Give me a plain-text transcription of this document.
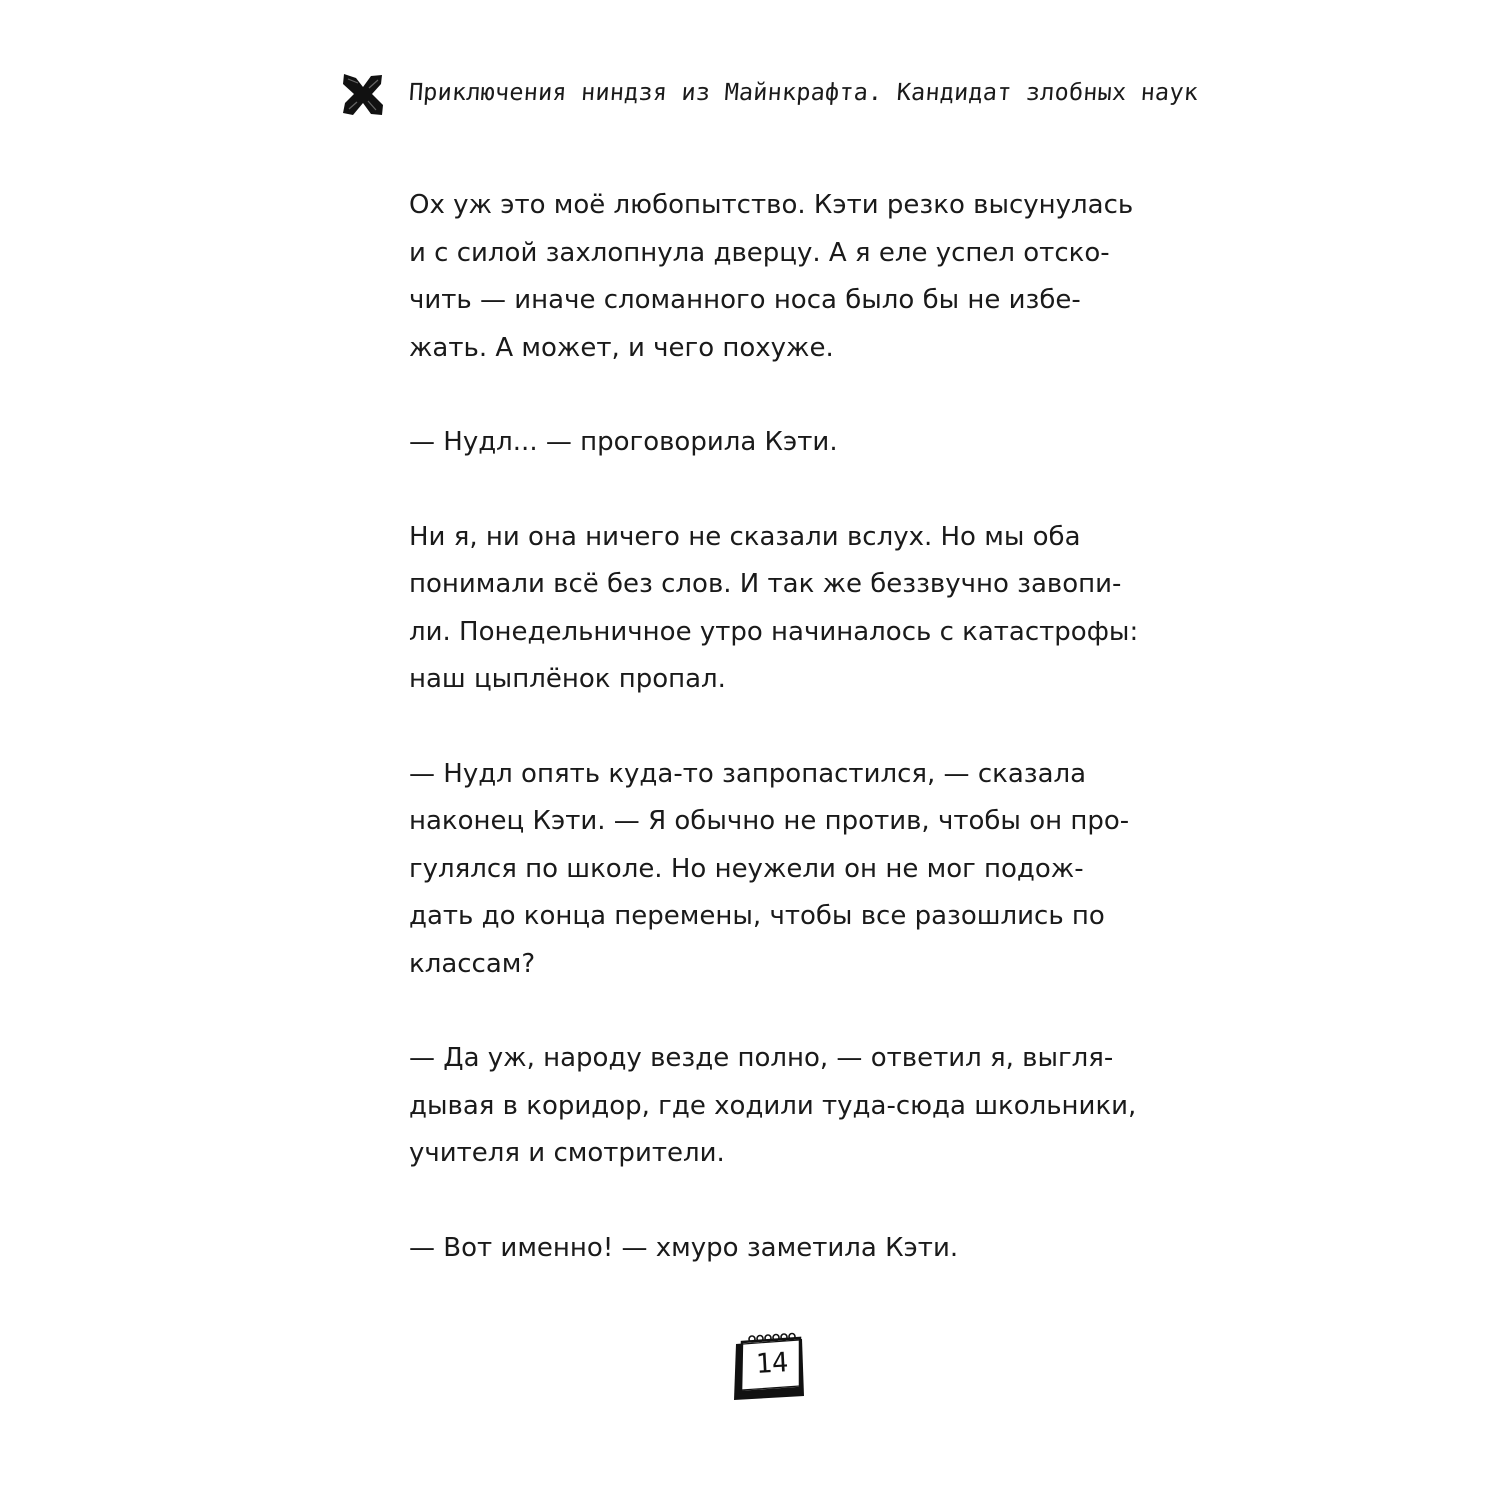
Приключения ниндзя из Майнкрафта. Кандидат злобных наук
Ох уж это моё любопытство. Кэти резко высунулась
и с силой захлопнула дверцу. А я еле успел отско-
чить — иначе сломанного носа было бы не избе-
жать. А может, и чего похуже.
— Нудл... — проговорила Кэти.
Ни я, ни она ничего не сказали вслух. Но мы оба
понимали всё без слов. И так же беззвучно завопи-
ли. Понедельничное утро начиналось с катастрофы:
наш цыплёнок пропал.
— Нудл опять куда-то запропастился, — сказала
наконец Кэти. — Я обычно не против, чтобы он про-
гулялся по школе. Но неужели он не мог подож-
дать до конца перемены, чтобы все разошлись по
классам?
— Да уж, народу везде полно, — ответил я, выгля-
дывая в коридор, где ходили туда-сюда школьники,
учителя и смотрители.
— Вот именно! — хмуро заметила Кэти.
14
